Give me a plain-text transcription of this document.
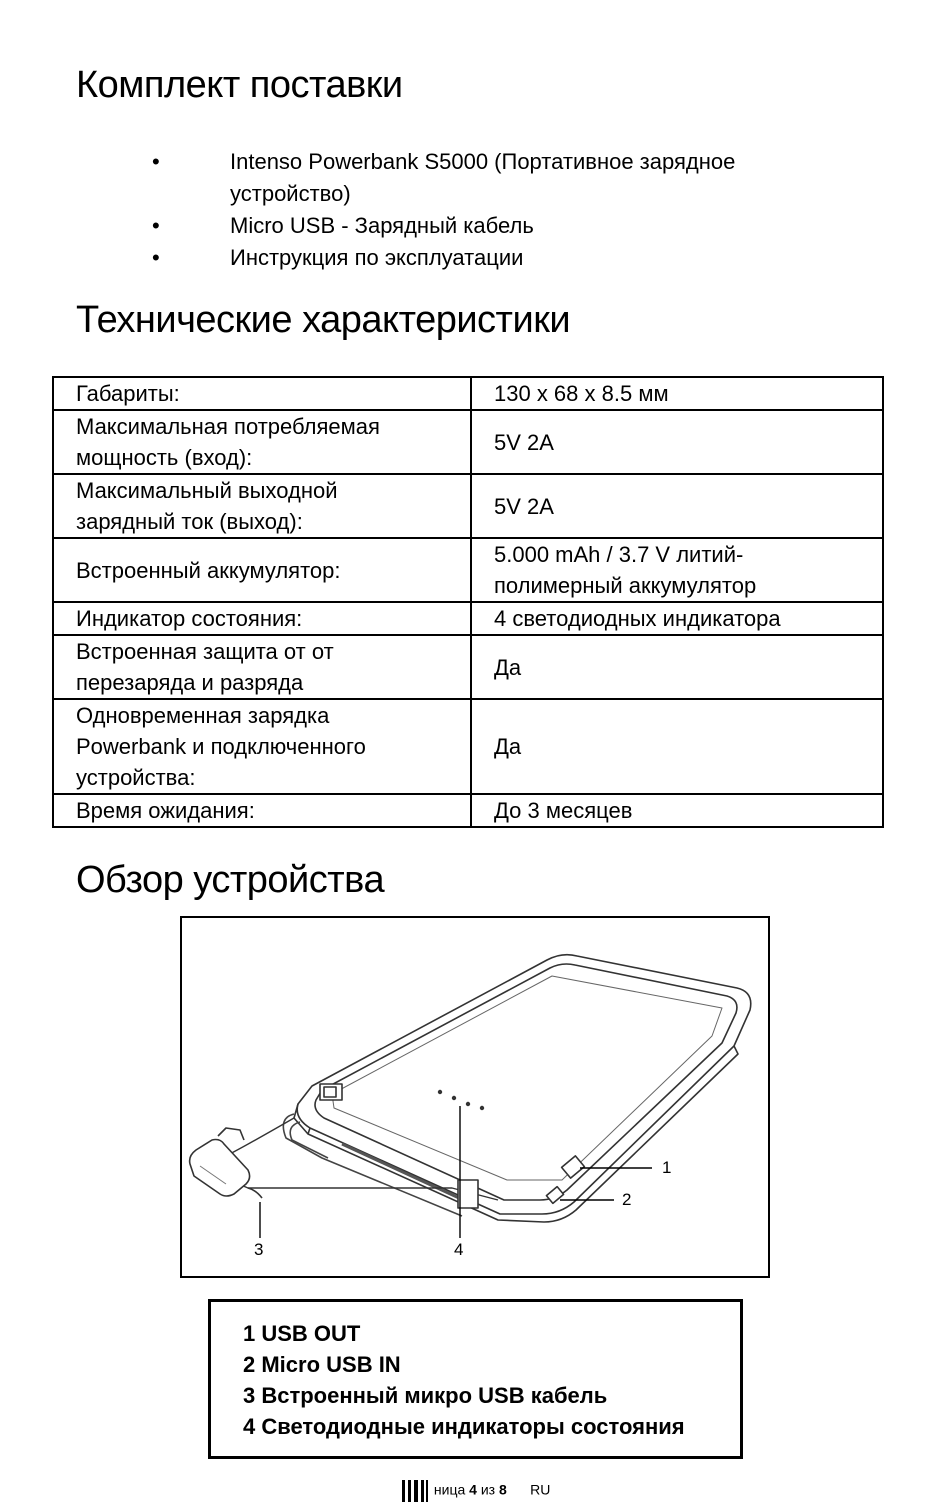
Комплект поставки
•	Intenso Powerbank S5000 (Портативное зарядное
устройство)
•	Micro USB - Зарядный кабель
•	Инструкция по эксплуатации
Технические характеристики
Габариты:	130 x 68 x 8.5 мм
Максимальная потребляемая
мощность (вход):	5V 2A
Максимальный выходной
зарядный ток (выход):	5V 2A
Встроенный аккумулятор:	5.000 mAh / 3.7 V литий-
полимерный аккумулятор
Индикатор состояния:	4 светодиодных индикатора
Встроенная защита от от
перезаряда и разряда	Да
Одновременная зарядка
Powerbank и подключенного
устройства:	Да
Время ожидания:	До 3 месяцев
Обзор устройства
1
2
3	4
1 USB OUT
2 Micro USB IN
3 Встроенный микро USB кабель
4 Светодиодные индикаторы состояния
ница 4 из 8 RU
